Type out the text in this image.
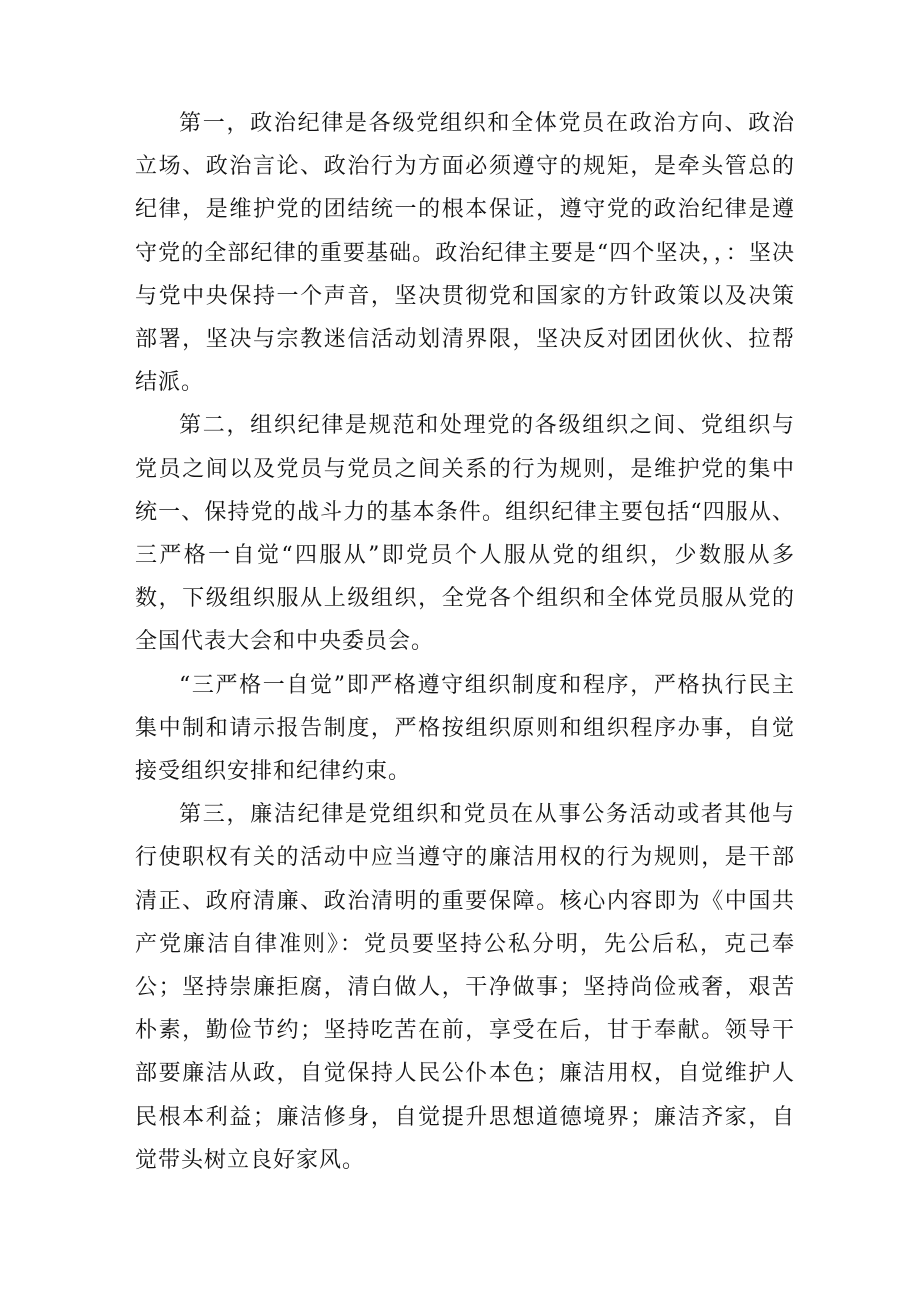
第一，政治纪律是各级党组织和全体党员在政治方向、政治立场、政治言论、政治行为方面必须遵守的规矩，是牵头管总的纪律，是维护党的团结统一的根本保证，遵守党的政治纪律是遵守党的全部纪律的重要基础。政治纪律主要是“四个坚决，，：坚决与党中央保持一个声音，坚决贯彻党和国家的方针政策以及决策部署，坚决与宗教迷信活动划清界限，坚决反对团团伙伙、拉帮结派。

第二，组织纪律是规范和处理党的各级组织之间、党组织与党员之间以及党员与党员之间关系的行为规则，是维护党的集中统一、保持党的战斗力的基本条件。组织纪律主要包括“四服从、三严格一自觉“四服从”即党员个人服从党的组织，少数服从多数，下级组织服从上级组织，全党各个组织和全体党员服从党的全国代表大会和中央委员会。

“三严格一自觉”即严格遵守组织制度和程序，严格执行民主集中制和请示报告制度，严格按组织原则和组织程序办事，自觉接受组织安排和纪律约束。

第三，廉洁纪律是党组织和党员在从事公务活动或者其他与行使职权有关的活动中应当遵守的廉洁用权的行为规则，是干部清正、政府清廉、政治清明的重要保障。核心内容即为《中国共产党廉洁自律准则》：党员要坚持公私分明，先公后私，克己奉公；坚持崇廉拒腐，清白做人，干净做事；坚持尚俭戒奢，艰苦朴素，勤俭节约；坚持吃苦在前，享受在后，甘于奉献。领导干部要廉洁从政，自觉保持人民公仆本色；廉洁用权，自觉维护人民根本利益；廉洁修身，自觉提升思想道德境界；廉洁齐家，自觉带头树立良好家风。
